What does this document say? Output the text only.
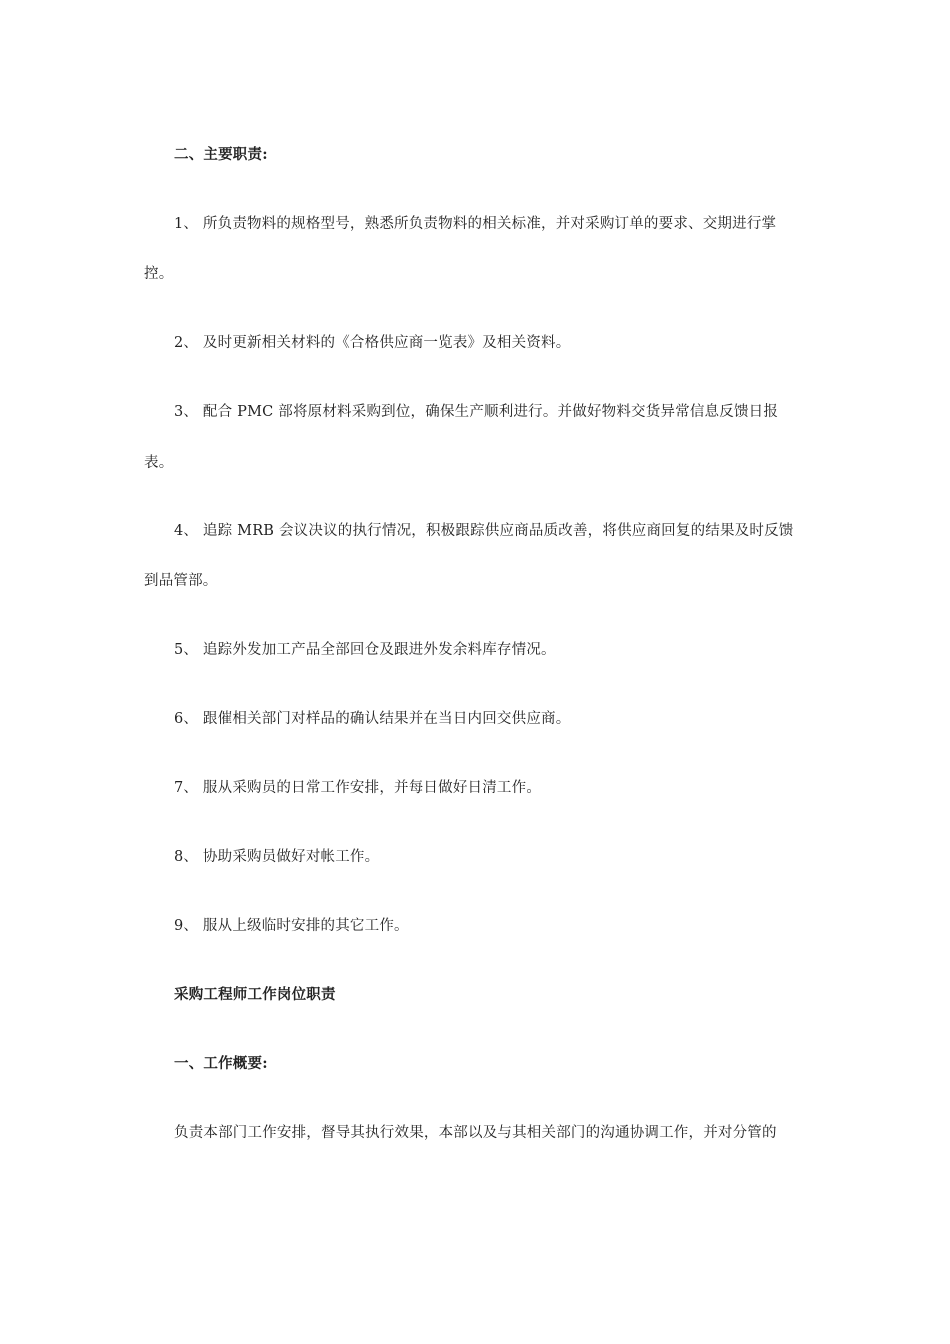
二、主要职责:
1、 所负责物料的规格型号，熟悉所负责物料的相关标准，并对采购订单的要求、交期进行掌
控。
2、 及时更新相关材料的《合格供应商一览表》及相关资料。
3、 配合 PMC 部将原材料采购到位，确保生产顺利进行。并做好物料交货异常信息反馈日报
表。
4、 追踪 MRB 会议决议的执行情况，积极跟踪供应商品质改善，将供应商回复的结果及时反馈
到品管部。
5、 追踪外发加工产品全部回仓及跟进外发余料库存情况。
6、 跟催相关部门对样品的确认结果并在当日内回交供应商。
7、 服从采购员的日常工作安排，并每日做好日清工作。
8、 协助采购员做好对帐工作。
9、 服从上级临时安排的其它工作。
采购工程师工作岗位职责
一、工作概要:
负责本部门工作安排，督导其执行效果，本部以及与其相关部门的沟通协调工作，并对分管的
